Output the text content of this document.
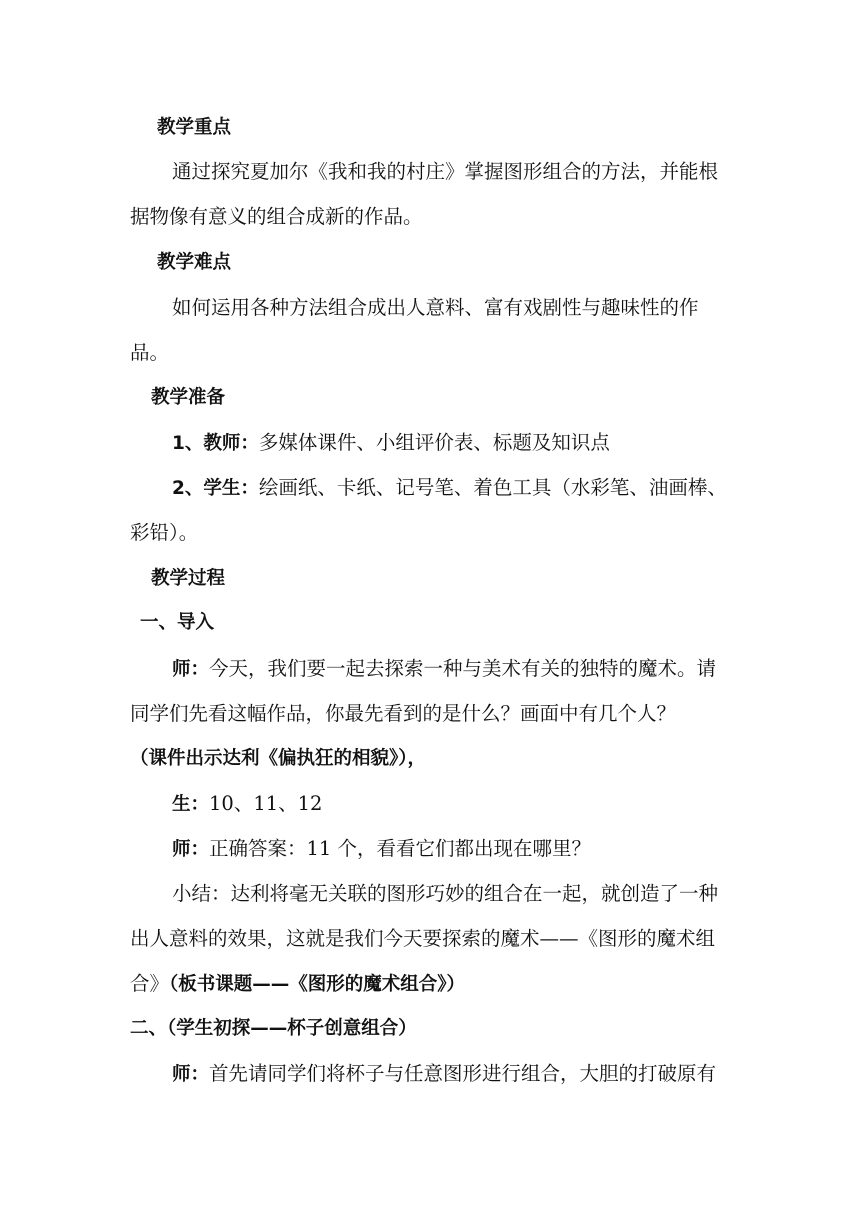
教学重点
通过探究夏加尔《我和我的村庄》掌握图形组合的方法，并能根
据物像有意义的组合成新的作品。
教学难点
如何运用各种方法组合成出人意料、富有戏剧性与趣味性的作
品。
教学准备
1、教师：多媒体课件、小组评价表、标题及知识点
2、学生：绘画纸、卡纸、记号笔、着色工具（水彩笔、油画棒、
彩铅）。
教学过程
一、导入
师：今天，我们要一起去探索一种与美术有关的独特的魔术。请
同学们先看这幅作品，你最先看到的是什么？画面中有几个人？
（课件出示达利《偏执狂的相貌》），
生：10、11、12
师：正确答案：11 个，看看它们都出现在哪里？
小结：达利将毫无关联的图形巧妙的组合在一起，就创造了一种
出人意料的效果，这就是我们今天要探索的魔术——《图形的魔术组
合》（板书课题——《图形的魔术组合》）
二、（学生初探——杯子创意组合）
师：首先请同学们将杯子与任意图形进行组合，大胆的打破原有
